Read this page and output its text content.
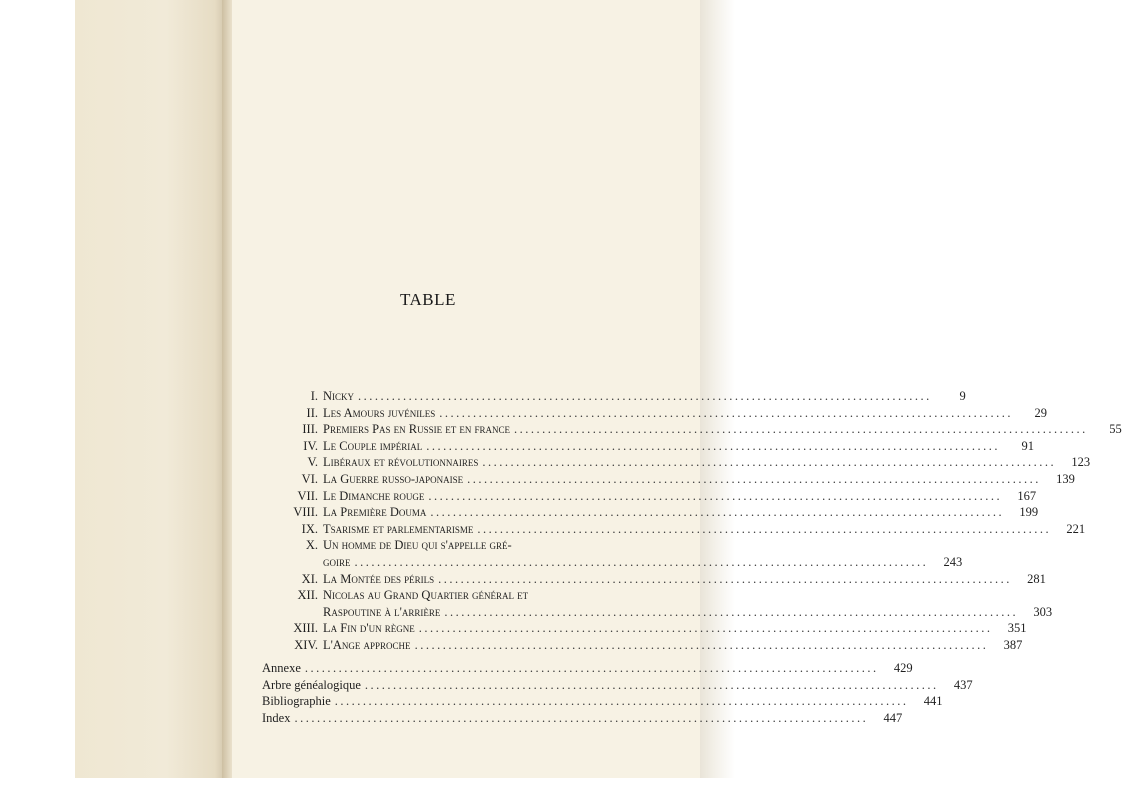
TABLE
I. Nicky ......................................................................................................	9
II. Les Amours juvéniles ......................................................................................................	29
III. Premiers Pas en Russie et en france ......................................................................................................	55
IV. Le Couple impérial ......................................................................................................	91
V. Libéraux et révolutionnaires ......................................................................................................	123
VI. La Guerre russo-japonaise ......................................................................................................	139
VII. Le Dimanche rouge ......................................................................................................	167
VIII. La Première Douma ......................................................................................................	199
IX. Tsarisme et parlementarisme ......................................................................................................	221
X. Un homme de Dieu qui s'appelle gré-
goire ......................................................................................................	243
XI. La Montée des périls ......................................................................................................	281
XII. Nicolas au Grand Quartier général et
Raspoutine à l'arrière ......................................................................................................	303
XIII. La Fin d'un règne ......................................................................................................	351
XIV. L'Ange approche ......................................................................................................	387
Annexe ......................................................................................................	429
Arbre généalogique ......................................................................................................	437
Bibliographie ......................................................................................................	441
Index ......................................................................................................	447
